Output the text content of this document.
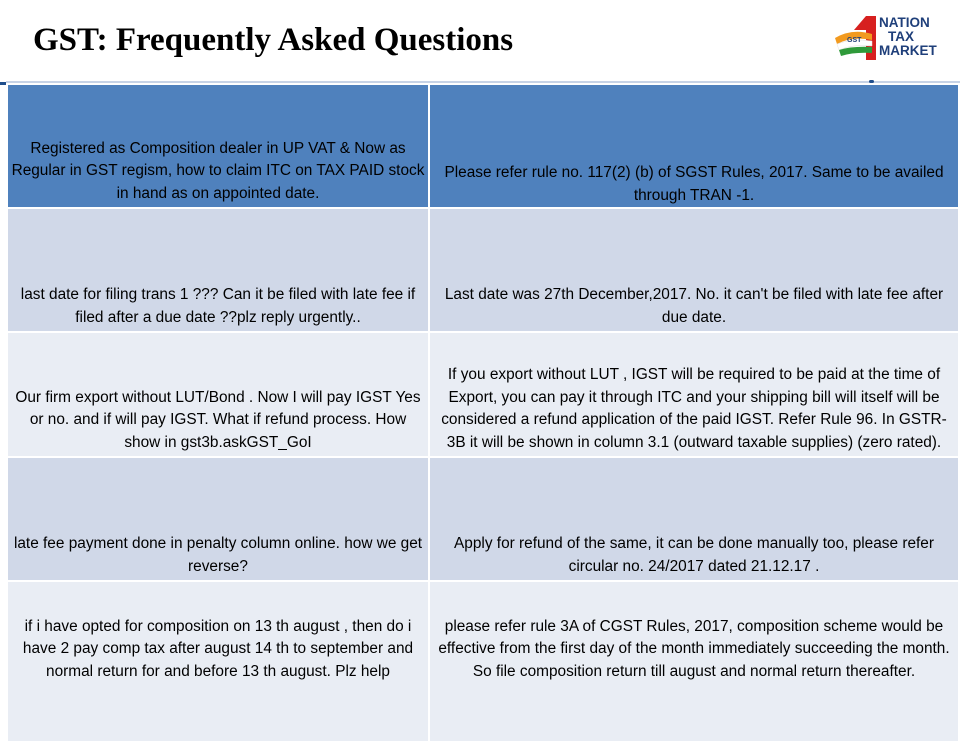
GST: Frequently Asked Questions	GST
NATION
TAX
MARKET
Registered as Composition dealer in UP VAT & Now as Regular in GST regism, how to claim ITC on TAX PAID stock in hand as on appointed date.	Please refer rule no. 117(2) (b) of SGST Rules, 2017. Same to be availed through TRAN -1.
last date for filing trans 1 ??? Can it be filed with late fee if filed after a due date ??plz reply urgently..	Last date was 27th December,2017. No. it can't be filed with late fee after due date.
Our firm export without LUT/Bond . Now I will pay IGST Yes or no. and if will pay IGST. What if refund process. How show in gst3b.askGST_GoI	If you export without LUT , IGST will be required to be paid at the time of Export, you can pay it through ITC and your shipping bill will itself will be considered a refund application of the paid IGST. Refer Rule 96. In GSTR-3B it will be shown in column 3.1 (outward taxable supplies) (zero rated).
late fee payment done in penalty column online. how we get reverse?	Apply for refund of the same, it can be done manually too, please refer circular no. 24/2017 dated 21.12.17 .
if i have opted for composition on 13 th august , then do i have 2 pay comp tax after august 14 th to september and normal return for and before 13 th august. Plz help	please refer rule 3A of CGST Rules, 2017, composition scheme would be effective from the first day of the month immediately succeeding the month. So file composition return till august and normal return thereafter.
